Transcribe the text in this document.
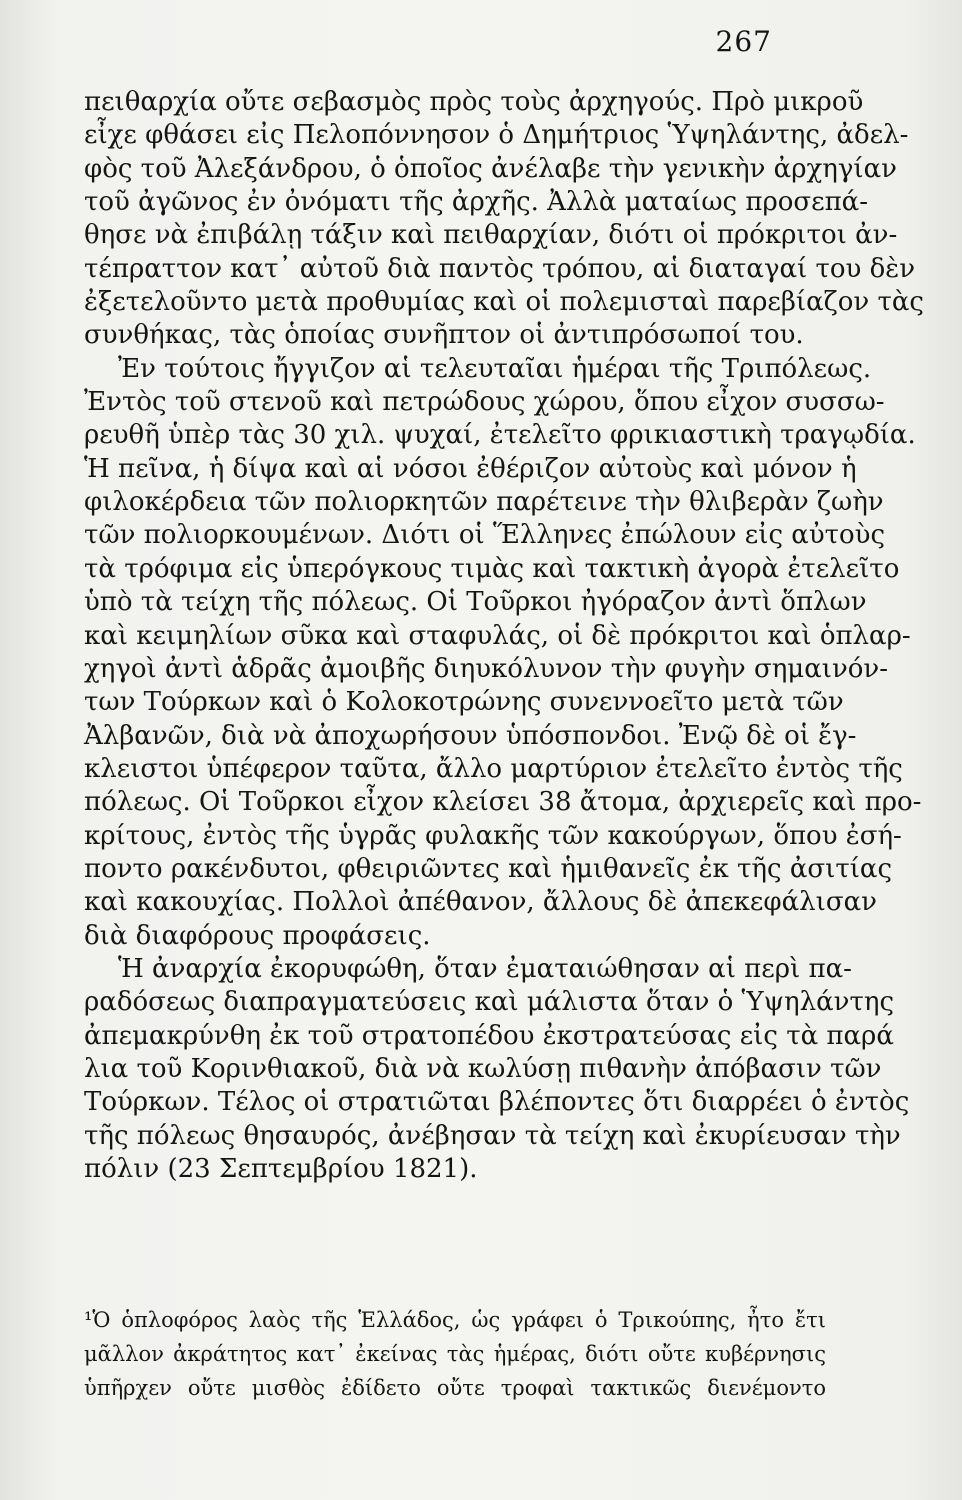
267
πειθαρχία οὔτε σεβασμὸς πρὸς τοὺς ἀρχηγούς. Πρὸ μικροῦ
εἶχε φθάσει εἰς Πελοπόννησον ὁ Δημήτριος Ὑψηλάντης, ἀδελ-
φὸς τοῦ Ἀλεξάνδρου, ὁ ὁποῖος ἀνέλαβε τὴν γενικὴν ἀρχηγίαν
τοῦ ἀγῶνος ἐν ὀνόματι τῆς ἀρχῆς. Ἀλλὰ ματαίως προσεπά-
θησε νὰ ἐπιβάλῃ τάξιν καὶ πειθαρχίαν, διότι οἱ πρόκριτοι ἀν-
τέπραττον κατ᾿ αὐτοῦ διὰ παντὸς τρόπου, αἱ διαταγαί του δὲν
ἐξετελοῦντο μετὰ προθυμίας καὶ οἱ πολεμισταὶ παρεβίαζον τὰς
συνθήκας, τὰς ὁποίας συνῆπτον οἱ ἀντιπρόσωποί του.
Ἐν τούτοις ἤγγιζον αἱ τελευταῖαι ἡμέραι τῆς Τριπόλεως.
Ἐντὸς τοῦ στενοῦ καὶ πετρώδους χώρου, ὅπου εἶχον συσσω-
ρευθῆ ὑπὲρ τὰς 30 χιλ. ψυχαί, ἐτελεῖτο φρικιαστικὴ τραγῳδία.
Ἡ πεῖνα, ἡ δίψα καὶ αἱ νόσοι ἐθέριζον αὐτοὺς καὶ μόνον ἡ
φιλοκέρδεια τῶν πολιορκητῶν παρέτεινε τὴν θλιβερὰν ζωὴν
τῶν πολιορκουμένων. Διότι οἱ Ἕλληνες ἐπώλουν εἰς αὐτοὺς
τὰ τρόφιμα εἰς ὑπερόγκους τιμὰς καὶ τακτικὴ ἀγορὰ ἐτελεῖτο
ὑπὸ τὰ τείχη τῆς πόλεως. Οἱ Τοῦρκοι ἠγόραζον ἀντὶ ὅπλων
καὶ κειμηλίων σῦκα καὶ σταφυλάς, οἱ δὲ πρόκριτοι καὶ ὁπλαρ-
χηγοὶ ἀντὶ ἁδρᾶς ἀμοιβῆς διηυκόλυνον τὴν φυγὴν σημαινόν-
των Τούρκων καὶ ὁ Κολοκοτρώνης συνεννοεῖτο μετὰ τῶν
Ἀλβανῶν, διὰ νὰ ἀποχωρήσουν ὑπόσπονδοι. Ἐνῷ δὲ οἱ ἔγ-
κλειστοι ὑπέφερον ταῦτα, ἄλλο μαρτύριον ἐτελεῖτο ἐντὸς τῆς
πόλεως. Οἱ Τοῦρκοι εἶχον κλείσει 38 ἄτομα, ἀρχιερεῖς καὶ προ-
κρίτους, ἐντὸς τῆς ὑγρᾶς φυλακῆς τῶν κακούργων, ὅπου ἐσή-
ποντο ρακένδυτοι, φθειριῶντες καὶ ἡμιθανεῖς ἐκ τῆς ἀσιτίας
καὶ κακουχίας. Πολλοὶ ἀπέθανον, ἄλλους δὲ ἀπεκεφάλισαν
διὰ διαφόρους προφάσεις.
Ἡ ἀναρχία ἐκορυφώθη, ὅταν ἐματαιώθησαν αἱ περὶ πα-
ραδόσεως διαπραγματεύσεις καὶ μάλιστα ὅταν ὁ Ὑψηλάντης
ἀπεμακρύνθη ἐκ τοῦ στρατοπέδου ἐκστρατεύσας εἰς τὰ παρά
λια τοῦ Κορινθιακοῦ, διὰ νὰ κωλύσῃ πιθανὴν ἀπόβασιν τῶν
Τούρκων. Τέλος οἱ στρατιῶται βλέποντες ὅτι διαρρέει ὁ ἐντὸς
τῆς πόλεως θησαυρός, ἀνέβησαν τὰ τείχη καὶ ἐκυρίευσαν τὴν
πόλιν (23 Σεπτεμβρίου 1821).
¹Ὁ ὁπλοφόρος λαὸς τῆς Ἑλλάδος, ὡς γράφει ὁ Τρικούπης, ἦτο ἔτι
μᾶλλον ἀκράτητος κατ᾿ ἐκείνας τὰς ἡμέρας, διότι οὔτε κυβέρνησις
ὑπῆρχεν οὔτε μισθὸς ἐδίδετο οὔτε τροφαὶ τακτικῶς διενέμοντο
